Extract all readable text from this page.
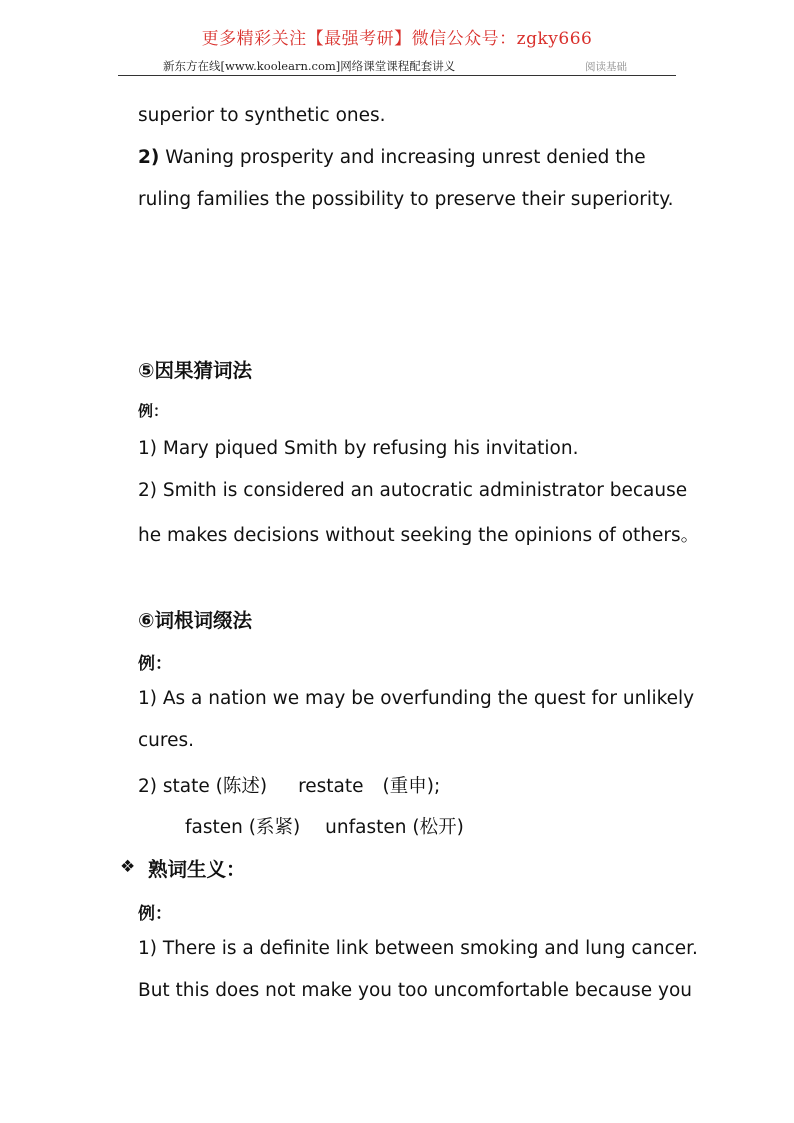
更多精彩关注【最强考研】微信公众号：zgky666
新东方在线[www.koolearn.com]网络课堂课程配套讲义	阅读基础
superior to synthetic ones.
2) Waning prosperity and increasing unrest denied the
ruling families the possibility to preserve their superiority.
⑤因果猜词法
例：
1) Mary piqued Smith by refusing his invitation.
2) Smith is considered an autocratic administrator because
he makes decisions without seeking the opinions of others。
⑥词根词缀法
例：
1) As a nation we may be overfunding the quest for unlikely
cures.
2) state (陈述) restate (重申);
fasten (系紧) unfasten (松开)
❖ 熟词生义：
例：
1) There is a definite link between smoking and lung cancer.
But this does not make you too uncomfortable because you
